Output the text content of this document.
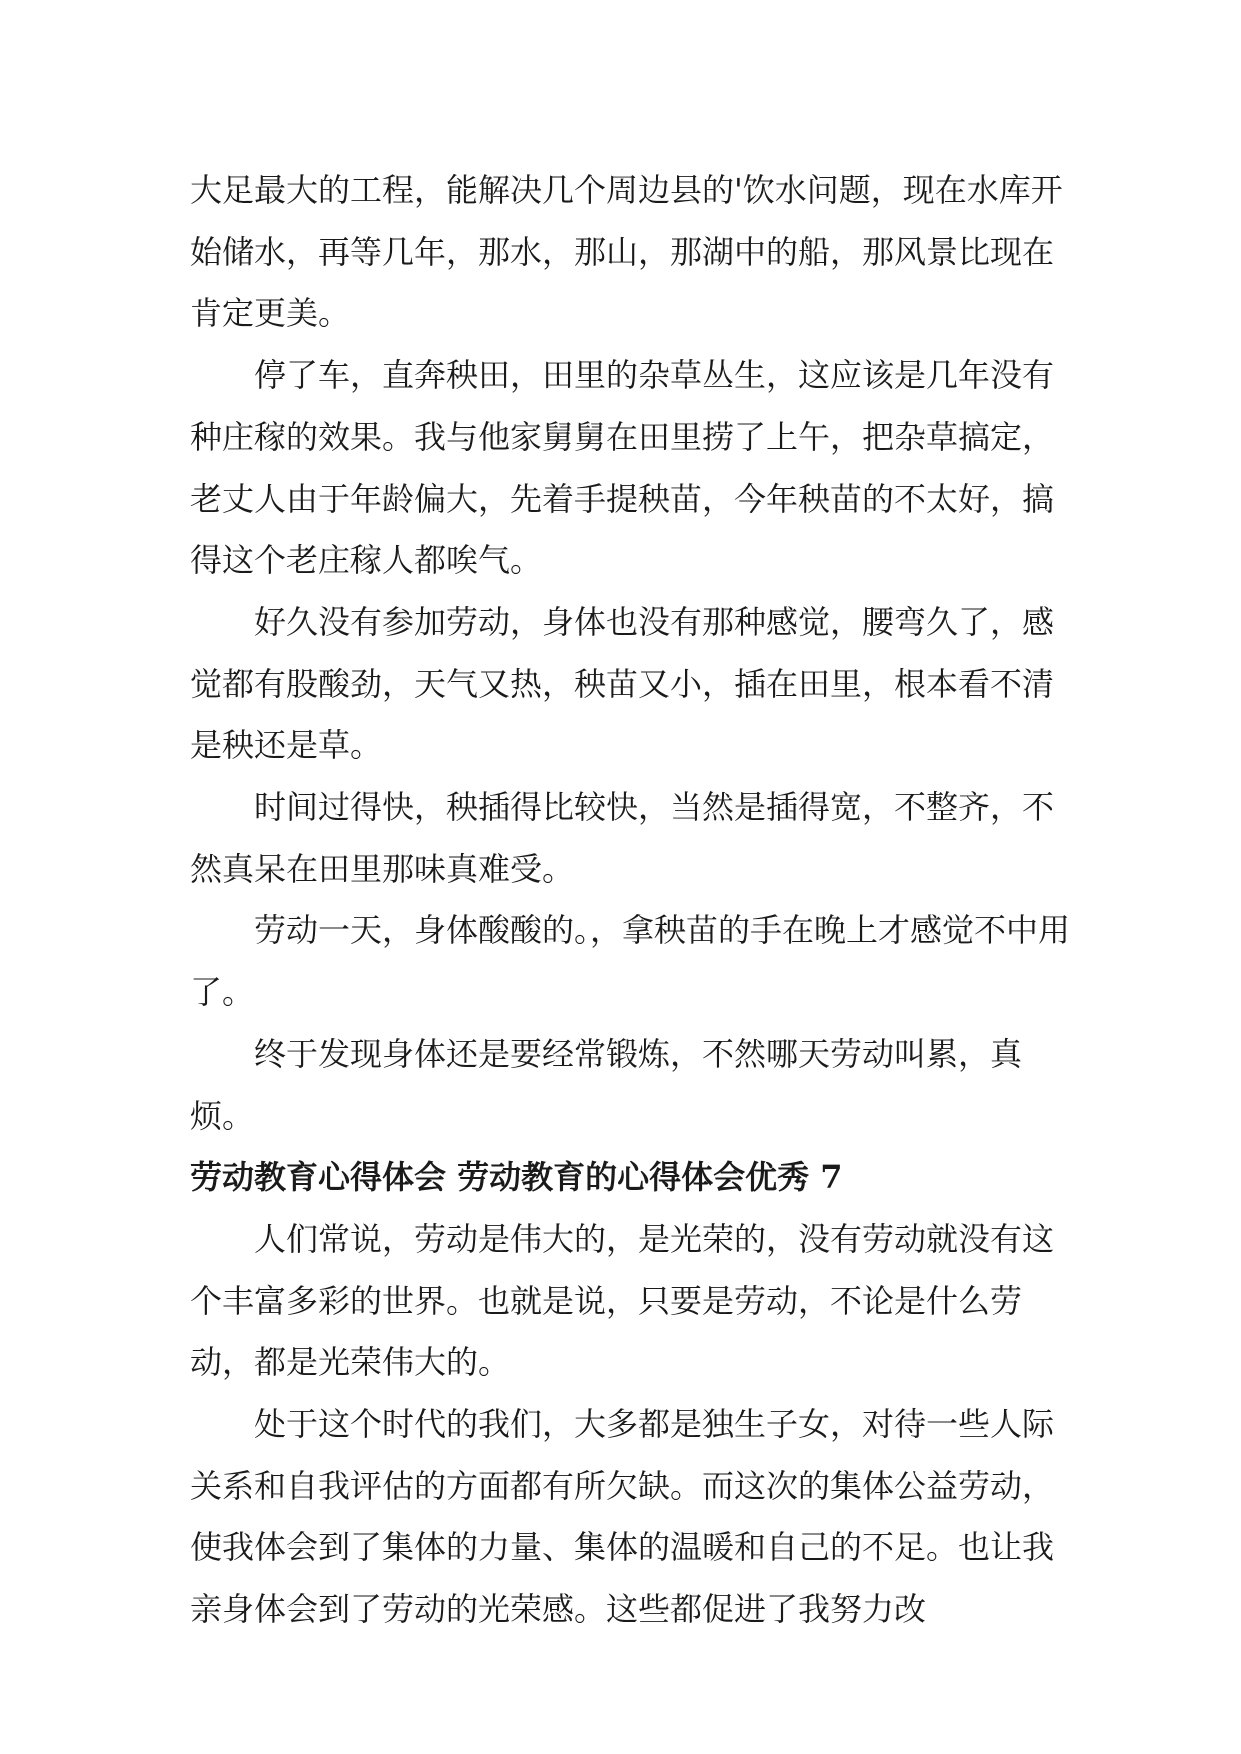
大足最大的工程，能解决几个周边县的'饮水问题，现在水库开始储水，再等几年，那水，那山，那湖中的船，那风景比现在肯定更美。

停了车，直奔秧田，田里的杂草丛生，这应该是几年没有种庄稼的效果。我与他家舅舅在田里捞了上午，把杂草搞定，老丈人由于年龄偏大，先着手提秧苗，今年秧苗的不太好，搞得这个老庄稼人都唉气。

好久没有参加劳动，身体也没有那种感觉，腰弯久了，感觉都有股酸劲，天气又热，秧苗又小，插在田里，根本看不清是秧还是草。

时间过得快，秧插得比较快，当然是插得宽，不整齐，不然真呆在田里那味真难受。

劳动一天，身体酸酸的。，拿秧苗的手在晚上才感觉不中用了。

终于发现身体还是要经常锻炼，不然哪天劳动叫累，真烦。

劳动教育心得体会 劳动教育的心得体会优秀 7

人们常说，劳动是伟大的，是光荣的，没有劳动就没有这个丰富多彩的世界。也就是说，只要是劳动，不论是什么劳动，都是光荣伟大的。

处于这个时代的我们，大多都是独生子女，对待一些人际关系和自我评估的方面都有所欠缺。而这次的集体公益劳动，使我体会到了集体的力量、集体的温暖和自己的不足。也让我亲身体会到了劳动的光荣感。这些都促进了我努力改
